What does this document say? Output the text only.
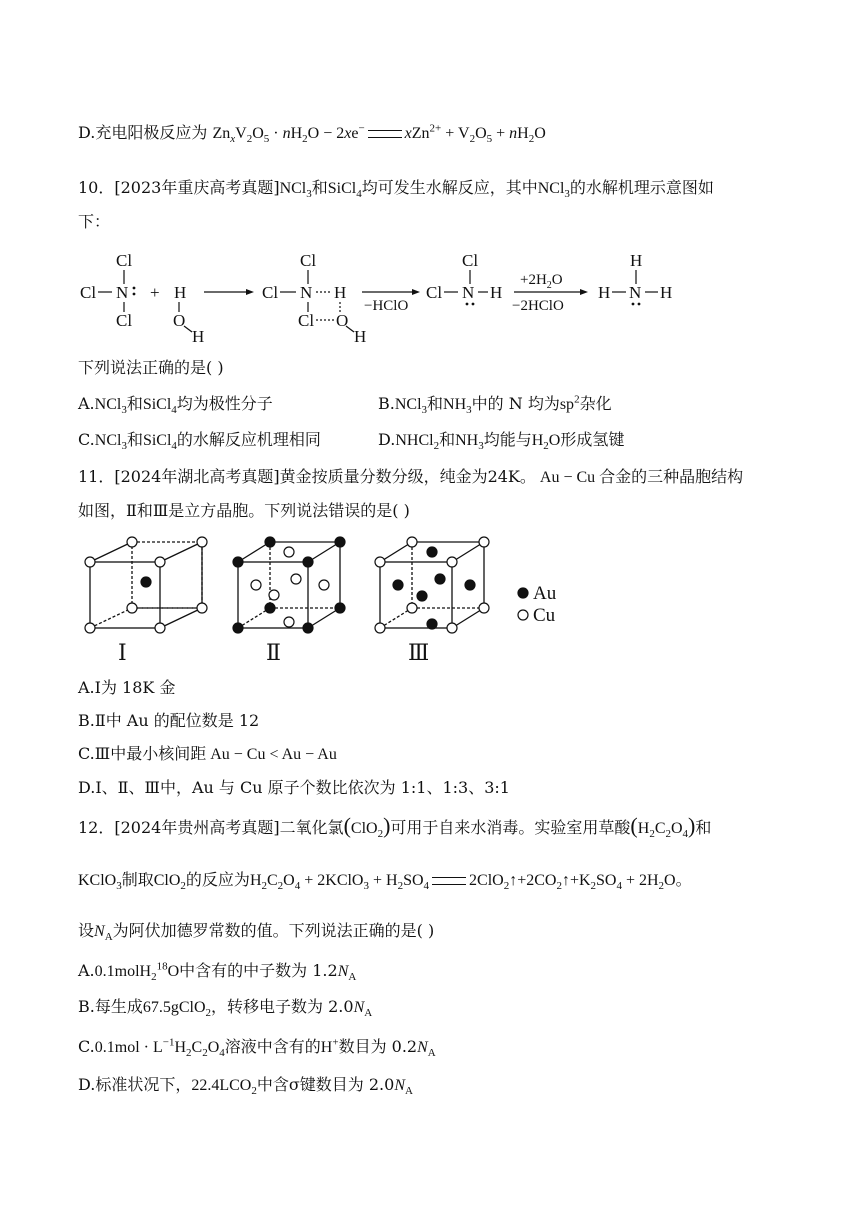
D.充电阳极反应为 $Zn_xV_2O_5 \cdot nH_2O - 2xe^-$	$xZn^{2+} + V_2O_5 + nH_2O$
10．[2023年重庆高考真题]NCl$_3$和SiCl$_4$均可发生水解反应，其中NCl$_3$的水解机理示意图如
下：
Cl
Cl N
Cl
+ H
O
H
Cl
Cl N H
Cl O
H
−HClO
Cl
Cl N H
$+2H_2O$
−2HClO
H
H N H
下列说法正确的是( )
A.NCl$_3$和SiCl$_4$均为极性分子	B.NCl$_3$和$NH_3$中的 N 均为$sp^2$杂化
C.NCl$_3$和SiCl$_4$的水解反应机理相同	D.NHCl$_2$和$NH_3$均能与$H_2O$形成氢键
11．[2024年湖北高考真题]黄金按质量分数分级，纯金为24K。 Au − Cu 合金的三种晶胞结构
如图，Ⅱ和Ⅲ是立方晶胞。下列说法错误的是( )
Au
Cu
Ⅰ	Ⅱ	Ⅲ
A.Ⅰ为 18K 金
B.Ⅱ中 Au 的配位数是 12
C.Ⅲ中最小核间距 Au − Cu < Au − Au
D.Ⅰ、Ⅱ、Ⅲ中，Au 与 Cu 原子个数比依次为 1:1、1:3、3:1
12．[2024年贵州高考真题]二氧化氯(ClO$_2$)可用于自来水消毒。实验室用草酸$(H_2C_2O_4)$和
KClO$_3$制取ClO$_2$的反应为$H_2C_2O_4$ + 2KClO$_3$ + $H_2SO_4$	$2ClO_2↑+2CO_2↑+K_2SO_4 + 2H_2O$。
设$N_A$为阿伏加德罗常数的值。下列说法正确的是( )
A.0.1molH$_2^{18}$O中含有的中子数为 $1.2N_A$
B.每生成67.5gClO$_2$，转移电子数为 $2.0N_A$
$C.0.1mol \cdot L^{-1}H_2C_2O_4$溶液中含有的H+数目为 $0.2N_A$
D.标准状况下，$22.4LCO_2$中含σ键数目为 $2.0N_A$
